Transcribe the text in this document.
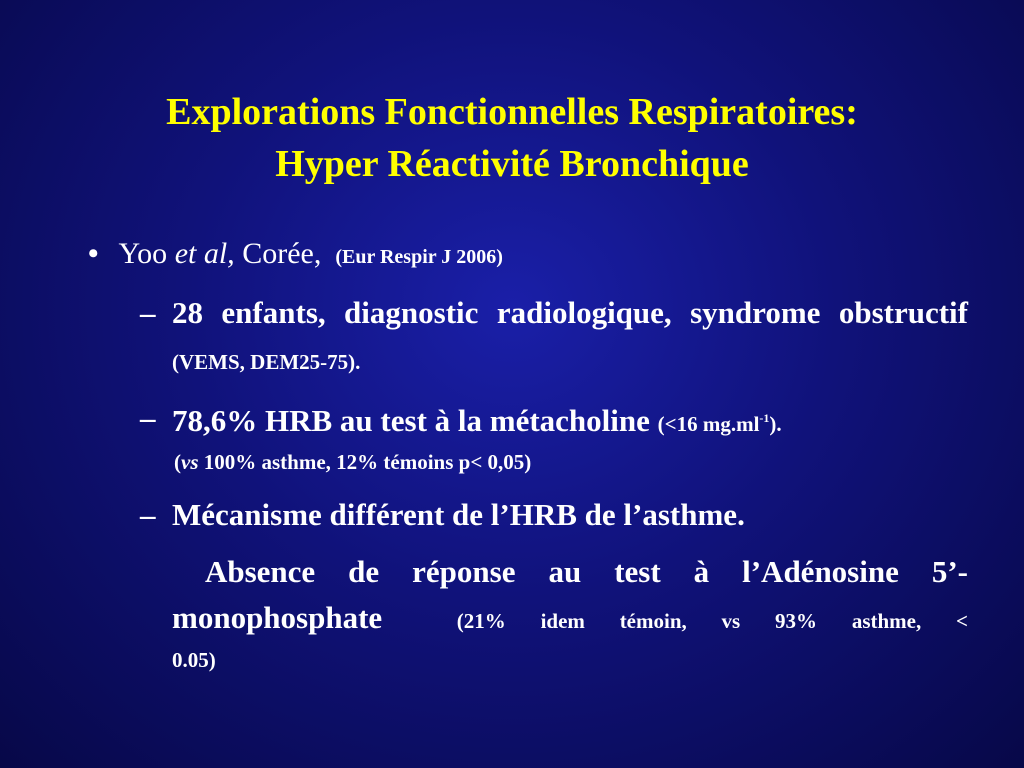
Explorations Fonctionnelles Respiratoires:
Hyper Réactivité Bronchique
• Yoo et al, Corée, (Eur Respir J 2006)
– 28 enfants, diagnostic radiologique, syndrome obstructif (VEMS, DEM25-75).
– 78,6% HRB au test à la métacholine (<16 $mg.ml^{-1}$).
(vs 100% asthme, 12% témoins p< 0,05)
– Mécanisme différent de l’HRB de l’asthme.
Absence de réponse au test à l’Adénosine 5’-
monophosphate	(21% idem témoin, vs 93% asthme, <
0.05)
